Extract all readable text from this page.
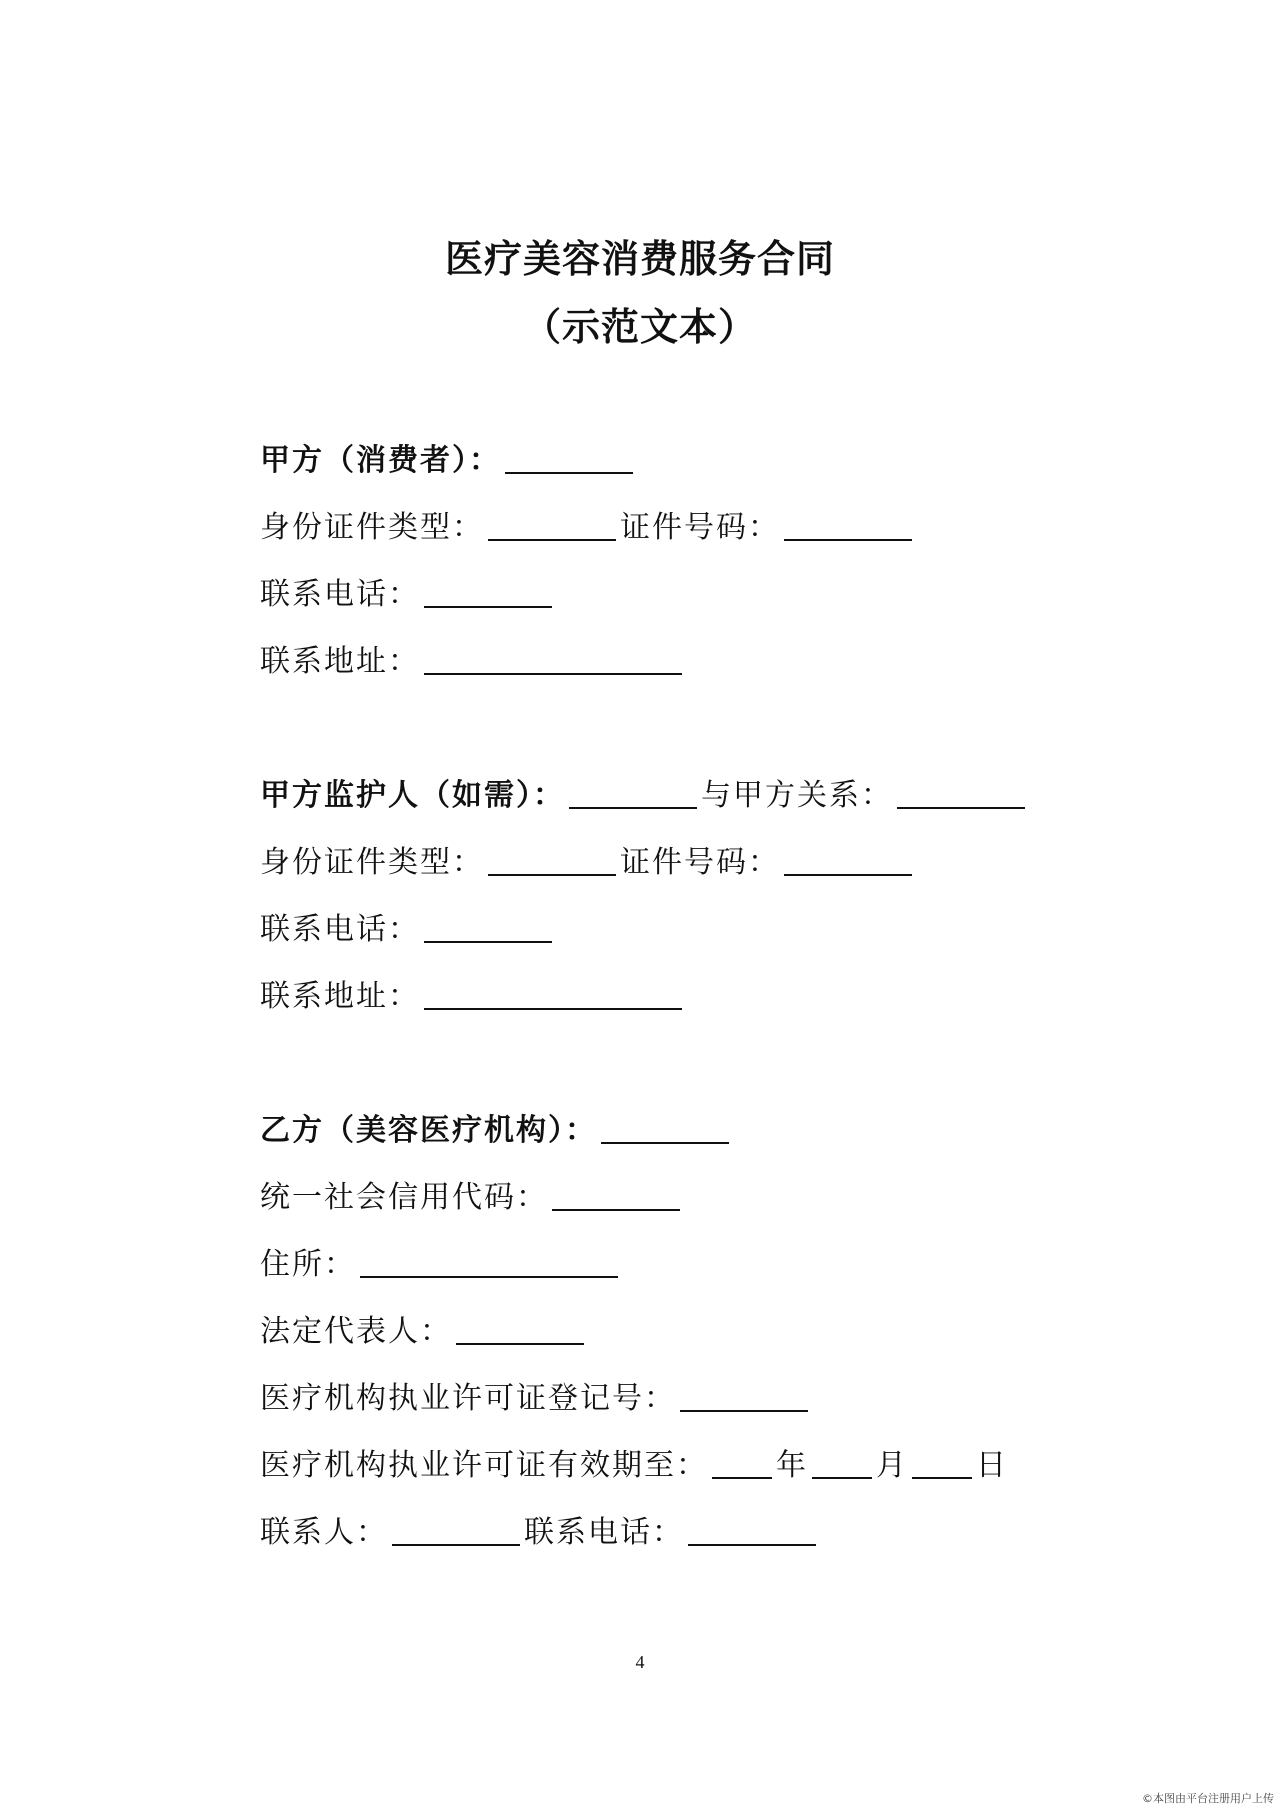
医疗美容消费服务合同
（示范文本）
甲方（消费者）：
身份证件类型：	证件号码：
联系电话：
联系地址：
甲方监护人（如需）：	与甲方关系：
身份证件类型：	证件号码：
联系电话：
联系地址：
乙方（美容医疗机构）：
统一社会信用代码：
住所：
法定代表人：
医疗机构执业许可证登记号：
医疗机构执业许可证有效期至： 年 月 日
联系人：	联系电话：
4
©本图由平台注册用户上传
